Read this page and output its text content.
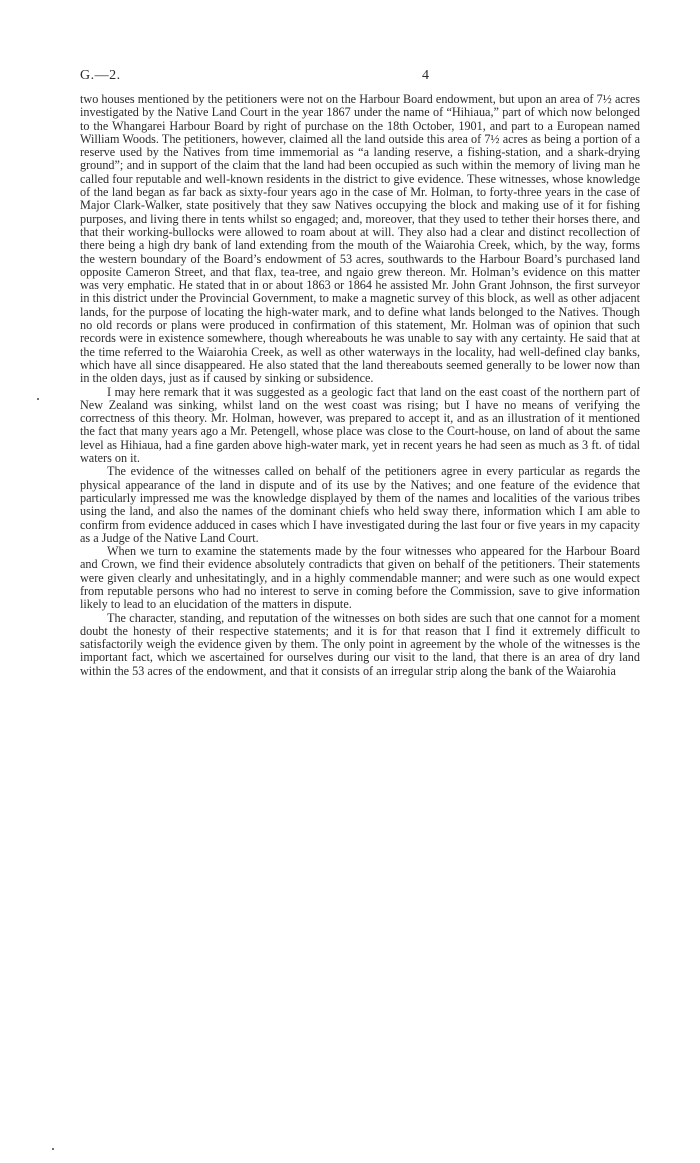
G.—2.	4

two houses mentioned by the petitioners were not on the Harbour Board endowment, but upon an area of 7½ acres investigated by the Native Land Court in the year 1867 under the name of “Hihiaua,” part of which now belonged to the Whangarei Harbour Board by right of purchase on the 18th October, 1901, and part to a European named William Woods. The petitioners, however, claimed all the land outside this area of 7½ acres as being a portion of a reserve used by the Natives from time immemorial as “a landing reserve, a fishing-station, and a shark-drying ground”; and in support of the claim that the land had been occupied as such within the memory of living man he called four reputable and well-known residents in the district to give evidence. These witnesses, whose knowledge of the land began as far back as sixty-four years ago in the case of Mr. Holman, to forty-three years in the case of Major Clark-Walker, state positively that they saw Natives occupying the block and making use of it for fishing purposes, and living there in tents whilst so engaged; and, moreover, that they used to tether their horses there, and that their working-bullocks were allowed to roam about at will. They also had a clear and distinct recollection of there being a high dry bank of land extending from the mouth of the Waiarohia Creek, which, by the way, forms the western boundary of the Board’s endowment of 53 acres, southwards to the Harbour Board’s purchased land opposite Cameron Street, and that flax, tea-tree, and ngaio grew thereon. Mr. Holman’s evidence on this matter was very emphatic. He stated that in or about 1863 or 1864 he assisted Mr. John Grant Johnson, the first surveyor in this district under the Provincial Government, to make a magnetic survey of this block, as well as other adjacent lands, for the purpose of locating the high-water mark, and to define what lands belonged to the Natives. Though no old records or plans were produced in confirmation of this statement, Mr. Holman was of opinion that such records were in existence somewhere, though whereabouts he was unable to say with any certainty. He said that at the time referred to the Waiarohia Creek, as well as other waterways in the locality, had well-defined clay banks, which have all since disappeared. He also stated that the land thereabouts seemed generally to be lower now than in the olden days, just as if caused by sinking or subsidence.

I may here remark that it was suggested as a geologic fact that land on the east coast of the northern part of New Zealand was sinking, whilst land on the west coast was rising; but I have no means of verifying the correctness of this theory. Mr. Holman, however, was prepared to accept it, and as an illustration of it mentioned the fact that many years ago a Mr. Petengell, whose place was close to the Court-house, on land of about the same level as Hihiaua, had a fine garden above high-water mark, yet in recent years he had seen as much as 3 ft. of tidal waters on it.

The evidence of the witnesses called on behalf of the petitioners agree in every particular as regards the physical appearance of the land in dispute and of its use by the Natives; and one feature of the evidence that particularly impressed me was the knowledge displayed by them of the names and localities of the various tribes using the land, and also the names of the dominant chiefs who held sway there, information which I am able to confirm from evidence adduced in cases which I have investigated during the last four or five years in my capacity as a Judge of the Native Land Court.

When we turn to examine the statements made by the four witnesses who appeared for the Harbour Board and Crown, we find their evidence absolutely contradicts that given on behalf of the petitioners. Their statements were given clearly and unhesitatingly, and in a highly commendable manner; and were such as one would expect from reputable persons who had no interest to serve in coming before the Commission, save to give information likely to lead to an elucidation of the matters in dispute.

The character, standing, and reputation of the witnesses on both sides are such that one cannot for a moment doubt the honesty of their respective statements; and it is for that reason that I find it extremely difficult to satisfactorily weigh the evidence given by them. The only point in agreement by the whole of the witnesses is the important fact, which we ascertained for ourselves during our visit to the land, that there is an area of dry land within the 53 acres of the endowment, and that it consists of an irregular strip along the bank of the Waiarohia
